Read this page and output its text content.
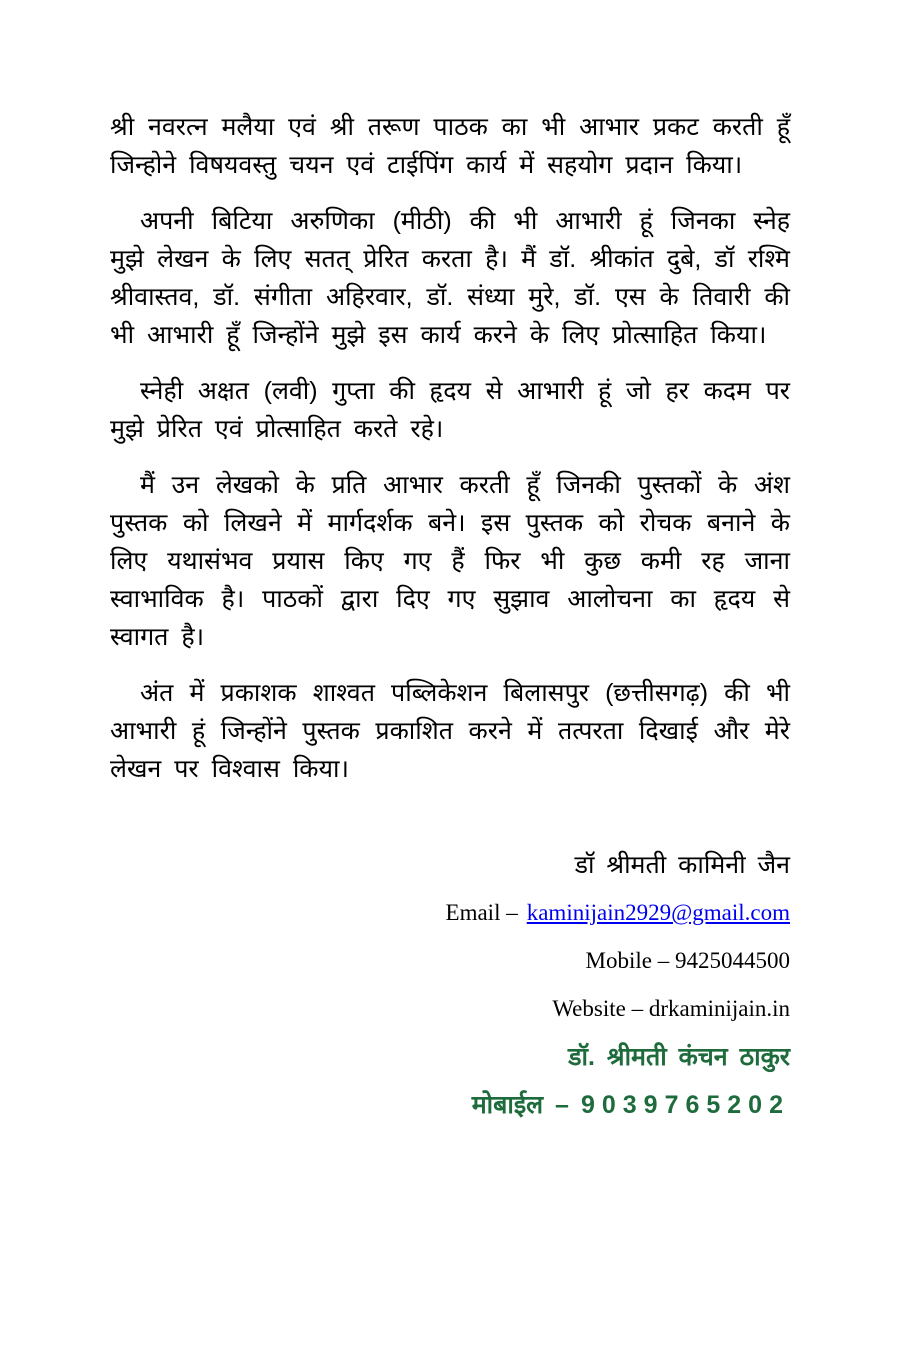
श्री नवरत्न मलैया एवं श्री तरूण पाठक का भी आभार प्रकट करती हूँ जिन्होने विषयवस्तु चयन एवं टाईपिंग कार्य में सहयोग प्रदान किया।

अपनी बिटिया अरुणिका (मीठी) की भी आभारी हूं जिनका स्नेह मुझे लेखन के लिए सतत् प्रेरित करता है। मैं डॉ. श्रीकांत दुबे, डॉ रश्मि श्रीवास्तव, डॉ. संगीता अहिरवार, डॉ. संध्या मुरे, डॉ. एस के तिवारी की भी आभारी हूँ जिन्होंने मुझे इस कार्य करने के लिए प्रोत्साहित किया।

स्नेही अक्षत (लवी) गुप्ता की हृदय से आभारी हूं जो हर कदम पर मुझे प्रेरित एवं प्रोत्साहित करते रहे।

मैं उन लेखको के प्रति आभार करती हूँ जिनकी पुस्तकों के अंश पुस्तक को लिखने में मार्गदर्शक बने। इस पुस्तक को रोचक बनाने के लिए यथासंभव प्रयास किए गए हैं फिर भी कुछ कमी रह जाना स्वाभाविक है। पाठकों द्वारा दिए गए सुझाव आलोचना का हृदय से स्वागत है।

अंत में प्रकाशक शाश्वत पब्लिकेशन बिलासपुर (छत्तीसगढ़) की भी आभारी हूं जिन्होंने पुस्तक प्रकाशित करने में तत्परता दिखाई और मेरे लेखन पर विश्वास किया।

डॉ श्रीमती कामिनी जैन

Email – kaminijain2929@gmail.com

Mobile – 9425044500

Website – drkaminijain.in

डॉ. श्रीमती कंचन ठाकुर

मोबाईल – 9039765202
